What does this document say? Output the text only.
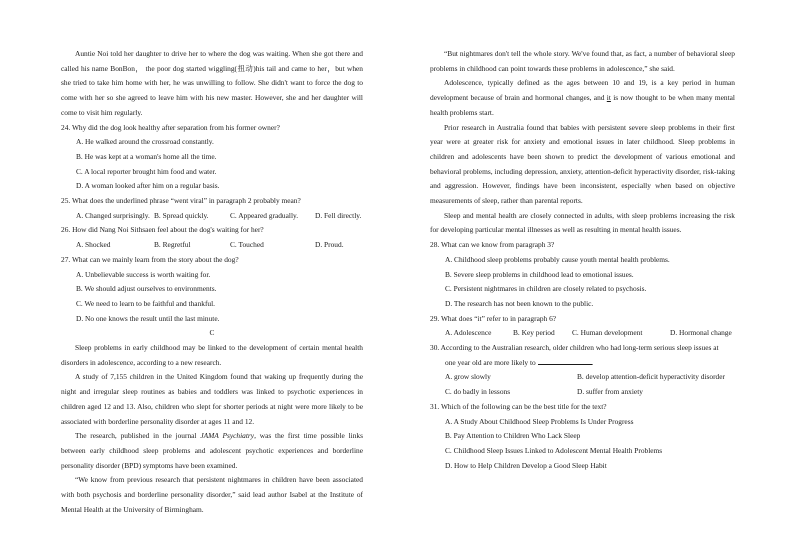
Auntie Noi told her daughter to drive her to where the dog was waiting. When she got there and called his name BonBon， the poor dog started wiggling(扭动)his tail and came to her，but when she tried to take him home with her, he was unwilling to follow. She didn't want to force the dog to come with her so she agreed to leave him with his new master. However, she and her daughter will come to visit him regularly.
24. Why did the dog look healthy after separation from his former owner?
A. He walked around the crossroad constantly.
B. He was kept at a woman's home all the time.
C. A local reporter brought him food and water.
D. A woman looked after him on a regular basis.
25. What does the underlined phrase “went viral” in paragraph 2 probably mean?
A. Changed surprisingly. B. Spread quickly.	C. Appeared gradually.	D. Fell directly.
26. How did Nang Noi Sithsaen feel about the dog's waiting for her?
A. Shocked	B. Regretful	C. Touched	D. Proud.
27. What can we mainly learn from the story about the dog?
A. Unbelievable success is worth waiting for.
B. We should adjust ourselves to environments.
C. We need to learn to be faithful and thankful.
D. No one knows the result until the last minute.
C
Sleep problems in early childhood may be linked to the development of certain mental health disorders in adolescence, according to a new research.
A study of 7,155 children in the United Kingdom found that waking up frequently during the night and irregular sleep routines as babies and toddlers was linked to psychotic experiences in children aged 12 and 13. Also, children who slept for shorter periods at night were more likely to be associated with borderline personality disorder at ages 11 and 12.
The research, published in the journal JAMA Psychiatry, was the first time possible links between early childhood sleep problems and adolescent psychotic experiences and borderline personality disorder (BPD) symptoms have been examined.
“We know from previous research that persistent nightmares in children have been associated with both psychosis and borderline personality disorder,” said lead author Isabel at the Institute of Mental Health at the University of Birmingham.
“But nightmares don't tell the whole story. We've found that, as fact, a number of behavioral sleep problems in childhood can point towards these problems in adolescence,” she said.
Adolescence, typically defined as the ages between 10 and 19, is a key period in human development because of brain and hormonal changes, and it is now thought to be when many mental health problems start.
Prior research in Australia found that babies with persistent severe sleep problems in their first year were at greater risk for anxiety and emotional issues in later childhood. Sleep problems in children and adolescents have been shown to predict the development of various emotional and behavioral problems, including depression, anxiety, attention-deficit hyperactivity disorder, risk-taking and aggression. However, findings have been inconsistent, especially when based on objective measurements of sleep, rather than parental reports.
Sleep and mental health are closely connected in adults, with sleep problems increasing the risk for developing particular mental illnesses as well as resulting in mental health issues.
28. What can we know from paragraph 3?
A. Childhood sleep problems probably cause youth mental health problems.
B. Severe sleep problems in childhood lead to emotional issues.
C. Persistent nightmares in children are closely related to psychosis.
D. The research has not been known to the public.
29. What does “it” refer to in paragraph 6?
A. Adolescence	B. Key period	C. Human development	D. Hormonal change
30. According to the Australian research, older children who had long-term serious sleep issues at
one year old are more likely to	.
A. grow slowly	B. develop attention-deficit hyperactivity disorder
C. do badly in lessons	D. suffer from anxiety
31. Which of the following can be the best title for the text?
A. A Study About Childhood Sleep Problems Is Under Progress
B. Pay Attention to Children Who Lack Sleep
C. Childhood Sleep Issues Linked to Adolescent Mental Health Problems
D. How to Help Children Develop a Good Sleep Habit
